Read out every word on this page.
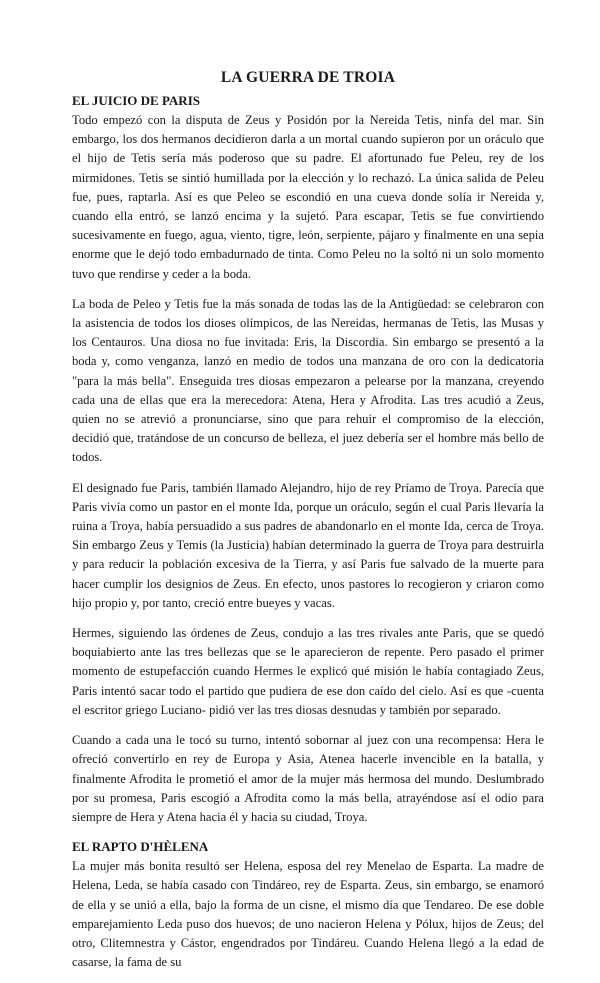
LA GUERRA DE TROIA
EL JUICIO DE PARIS

Todo empezó con la disputa de Zeus y Posidón por la Nereida Tetis, ninfa del mar. Sin embargo, los dos hermanos decidieron darla a un mortal cuando supieron por un oráculo que el hijo de Tetis sería más poderoso que su padre. El afortunado fue Peleu, rey de los mirmidones. Tetis se sintió humillada por la elección y lo rechazó. La única salida de Peleu fue, pues, raptarla. Así es que Peleo se escondió en una cueva donde solía ir Nereida y, cuando ella entró, se lanzó encima y la sujetó. Para escapar, Tetis se fue convirtiendo sucesivamente en fuego, agua, viento, tigre, león, serpiente, pájaro y finalmente en una sepia enorme que le dejó todo embadurnado de tinta. Como Peleu no la soltó ni un solo momento tuvo que rendirse y ceder a la boda.

La boda de Peleo y Tetis fue la más sonada de todas las de la Antigüedad: se celebraron con la asistencia de todos los dioses olímpicos, de las Nereidas, hermanas de Tetis, las Musas y los Centauros. Una diosa no fue invitada: Eris, la Discordia. Sin embargo se presentó a la boda y, como venganza, lanzó en medio de todos una manzana de oro con la dedicatoria "para la más bella". Enseguida tres diosas empezaron a pelearse por la manzana, creyendo cada una de ellas que era la merecedora: Atena, Hera y Afrodita. Las tres acudió a Zeus, quien no se atrevió a pronunciarse, sino que para rehuir el compromiso de la elección, decidió que, tratándose de un concurso de belleza, el juez debería ser el hombre más bello de todos.

El designado fue Paris, también llamado Alejandro, hijo de rey Príamo de Troya. Parecía que Paris vivía como un pastor en el monte Ida, porque un oráculo, según el cual Paris llevaría la ruina a Troya, había persuadido a sus padres de abandonarlo en el monte Ida, cerca de Troya. Sin embargo Zeus y Temis (la Justicia) habían determinado la guerra de Troya para destruirla y para reducir la población excesiva de la Tierra, y así Paris fue salvado de la muerte para hacer cumplir los designios de Zeus. En efecto, unos pastores lo recogieron y criaron como hijo propio y, por tanto, creció entre bueyes y vacas.

Hermes, siguiendo las órdenes de Zeus, condujo a las tres rivales ante Paris, que se quedó boquiabierto ante las tres bellezas que se le aparecieron de repente. Pero pasado el primer momento de estupefacción cuando Hermes le explicó qué misión le había contagiado Zeus, Paris intentó sacar todo el partido que pudiera de ese don caído del cielo. Así es que -cuenta el escritor griego Luciano- pidió ver las tres diosas desnudas y también por separado.

Cuando a cada una le tocó su turno, intentó sobornar al juez con una recompensa: Hera le ofreció convertirlo en rey de Europa y Asia, Atenea hacerle invencible en la batalla, y finalmente Afrodita le prometió el amor de la mujer más hermosa del mundo. Deslumbrado por su promesa, Paris escogió a Afrodita como la más bella, atrayéndose así el odio para siempre de Hera y Atena hacia él y hacia su ciudad, Troya.

EL RAPTO D'HÈLENA

La mujer más bonita resultó ser Helena, esposa del rey Menelao de Esparta. La madre de Helena, Leda, se había casado con Tindáreo, rey de Esparta. Zeus, sin embargo, se enamoró de ella y se unió a ella, bajo la forma de un cisne, el mismo día que Tendareo. De ese doble emparejamiento Leda puso dos huevos; de uno nacieron Helena y Pólux, hijos de Zeus; del otro, Clitemnestra y Cástor, engendrados por Tindáreu. Cuando Helena llegó a la edad de casarse, la fama de su
